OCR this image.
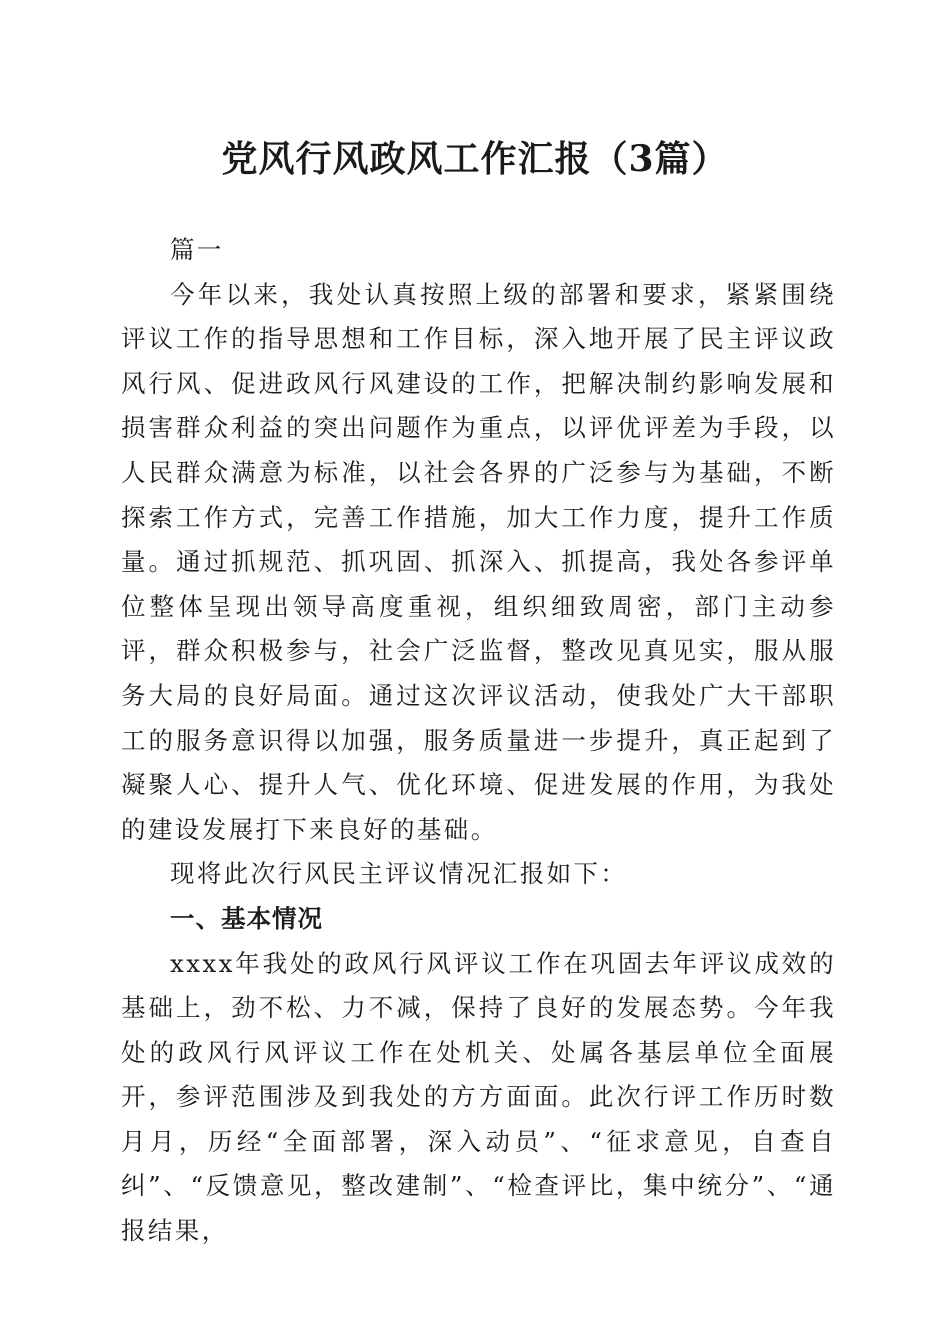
党风行风政风工作汇报（3篇）

篇一

今年以来，我处认真按照上级的部署和要求，紧紧围绕评议工作的指导思想和工作目标，深入地开展了民主评议政风行风、促进政风行风建设的工作，把解决制约影响发展和损害群众利益的突出问题作为重点，以评优评差为手段，以人民群众满意为标准，以社会各界的广泛参与为基础，不断探索工作方式，完善工作措施，加大工作力度，提升工作质量。通过抓规范、抓巩固、抓深入、抓提高，我处各参评单位整体呈现出领导高度重视，组织细致周密，部门主动参评，群众积极参与，社会广泛监督，整改见真见实，服从服务大局的良好局面。通过这次评议活动，使我处广大干部职工的服务意识得以加强，服务质量进一步提升，真正起到了凝聚人心、提升人气、优化环境、促进发展的作用，为我处的建设发展打下来良好的基础。

现将此次行风民主评议情况汇报如下：

一、基本情况

xxxx年我处的政风行风评议工作在巩固去年评议成效的基础上，劲不松、力不减，保持了良好的发展态势。今年我处的政风行风评议工作在处机关、处属各基层单位全面展开，参评范围涉及到我处的方方面面。此次行评工作历时数月月，历经“全面部署，深入动员”、“征求意见，自查自纠”、“反馈意见，整改建制”、“检查评比，集中统分”、“通报结果，
